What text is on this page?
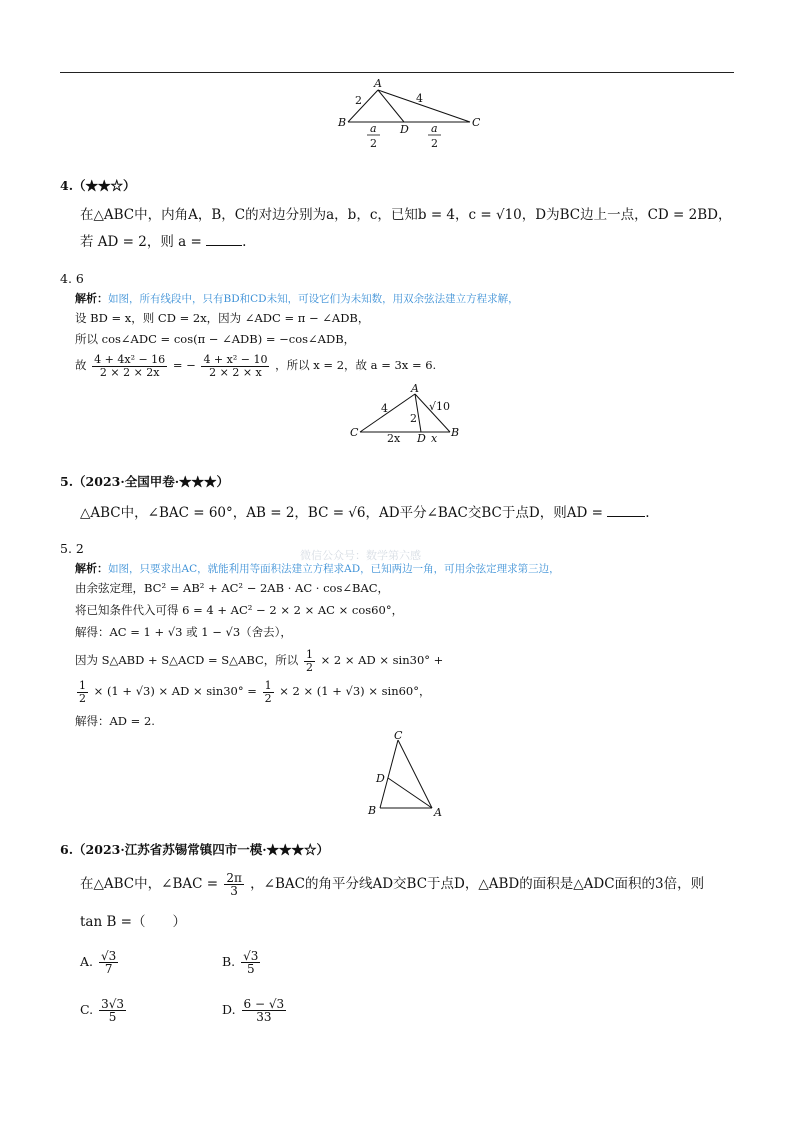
A
B	C
D
2	4
a
2
a
2
4.（★★☆）
在△ABC中，内角A，B，C的对边分别为a，b，c，已知b = 4，c = √10，D为BC边上一点，CD = 2BD，
若 AD = 2，则 a =	.
4. 6
解析：如图，所有线段中，只有BD和CD未知，可设它们为未知数，用双余弦法建立方程求解，
设 BD = x，则 CD = 2x，因为 ∠ADC = π − ∠ADB，
所以 cos∠ADC = cos(π − ∠ADB) = −cos∠ADB，
故 $\frac{\text{4 + 4x² − 16}}{2 \times 2 \times 2x}$ = − $\frac{\text{4 + x² − 10}}{2 \times 2 \times x}$ ，所以 x = 2，故 a = 3x = 6.
A
C	B
D
4
2
√10
2x	x
5.（2023·全国甲卷·★★★）
△ABC中，∠BAC = 60°，AB = 2，BC = √6，AD平分∠BAC交BC于点D，则AD =	.
5. 2	微信公众号：数学第六感
解析：如图，只要求出AC，就能利用等面积法建立方程求AD，已知两边一角，可用余弦定理求第三边，
由余弦定理，BC² = AB² + AC² − 2AB · AC · cos∠BAC，
将已知条件代入可得 6 = 4 + AC² − 2 × 2 × AC × cos60°，
解得：AC = 1 + √3 或 1 − √3（舍去），
因为 S△ABD + S△ACD = S△ABC，所以 $\frac{1}{2} \times 2$ × AD × sin30° +
$\frac{1}{2} \times (1 + √3)$ × AD × $\sin 30^\circ = \frac{1}{2} \times 2 \times (1 + √3) \times \sin 60^\circ$，
解得：AD = 2.
C
D
B	A
6.（2023·江苏省苏锡常镇四市一模·★★★☆）
在△ABC中，∠BAC = $\frac{2\pi}{3}$ ，∠BAC的角平分线AD交BC于点D，△ABD的面积是△ADC面积的3倍，则
tan B =（　　）
A. $\frac{√3}{7}$	B. $\frac{√3}{5}$
C. $\frac{3√3}{5}$	D. $\frac{6 - √3}{33}$
